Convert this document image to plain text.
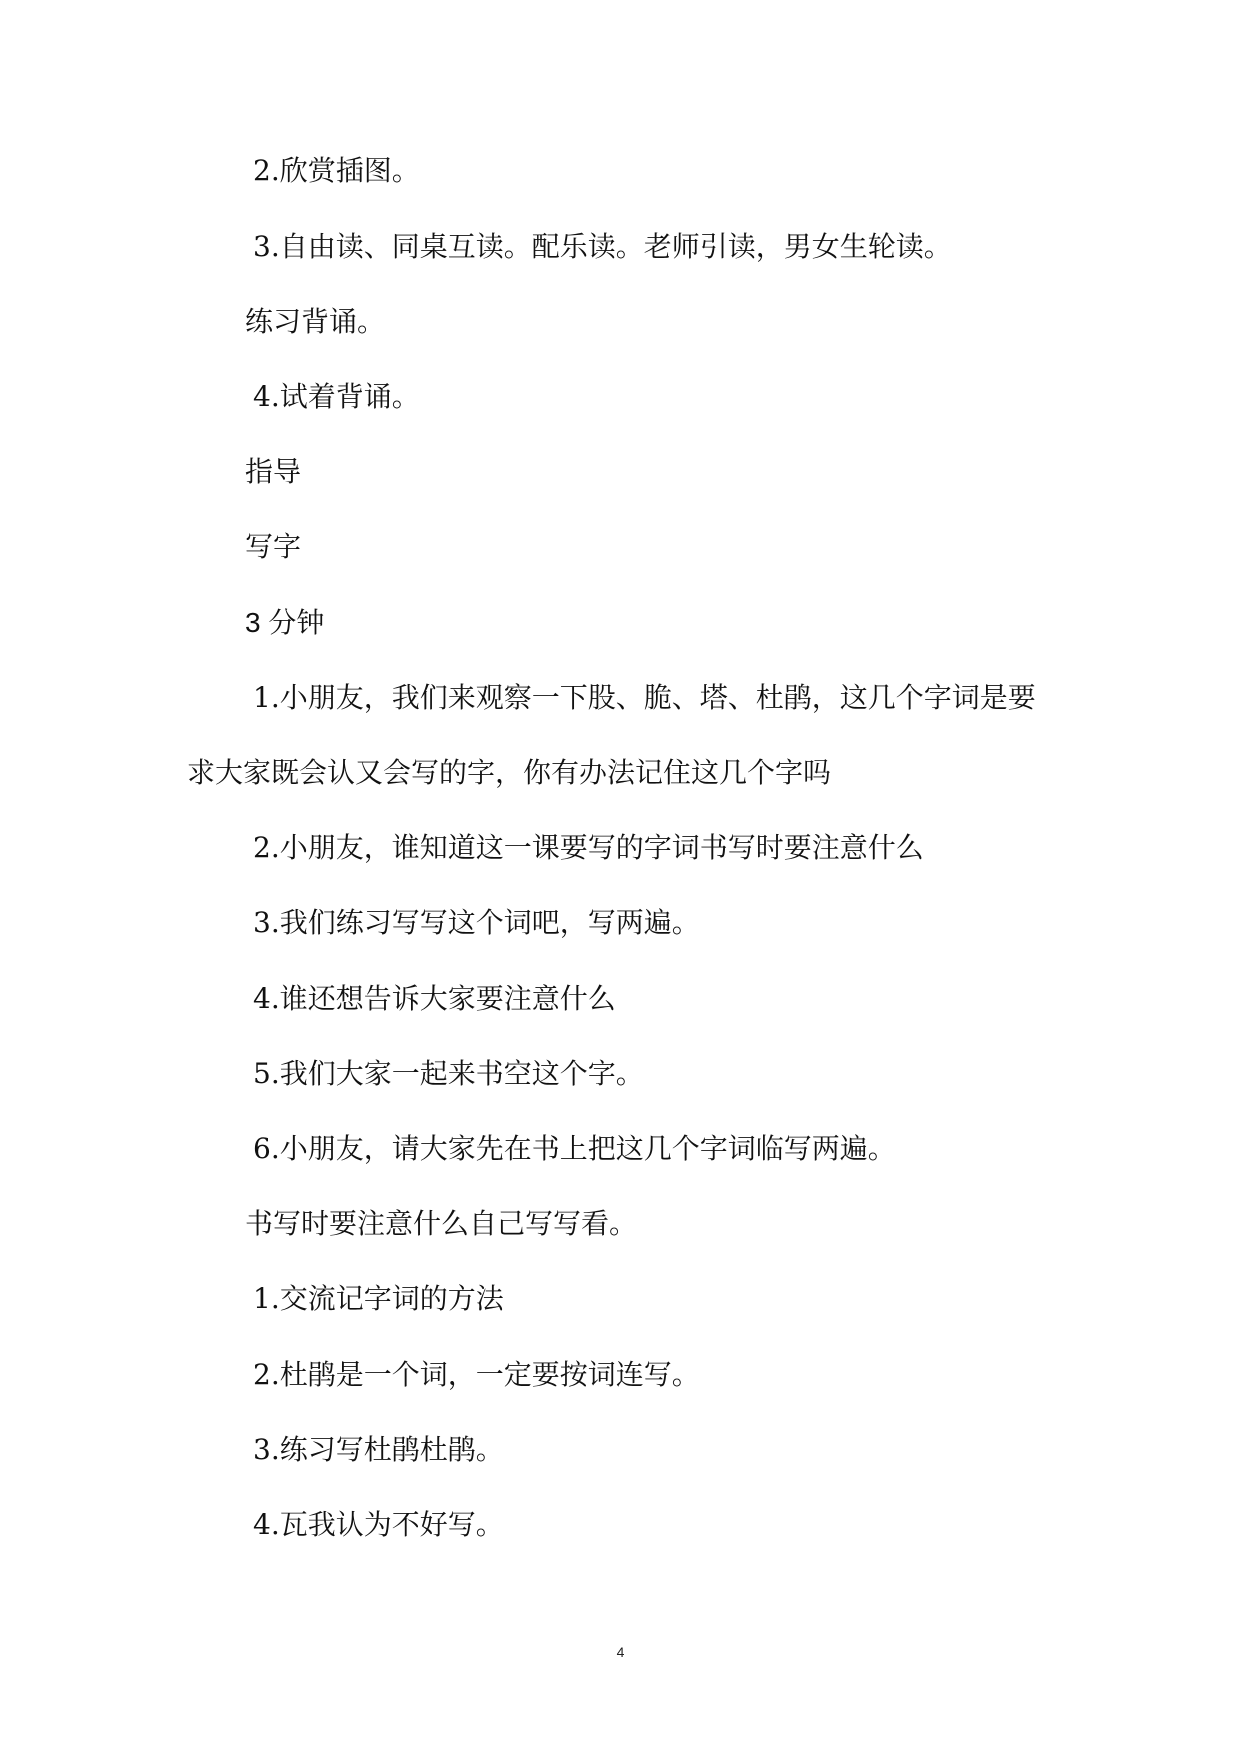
2.欣赏插图。
3.自由读、同桌互读。配乐读。老师引读，男女生轮读。
练习背诵。
4.试着背诵。
指导
写字
3 分钟
1.小朋友，我们来观察一下股、脆、塔、杜鹃，这几个字词是要
求大家既会认又会写的字，你有办法记住这几个字吗
2.小朋友，谁知道这一课要写的字词书写时要注意什么
3.我们练习写写这个词吧，写两遍。
4.谁还想告诉大家要注意什么
5.我们大家一起来书空这个字。
6.小朋友，请大家先在书上把这几个字词临写两遍。
书写时要注意什么自己写写看。
1.交流记字词的方法
2.杜鹃是一个词，一定要按词连写。
3.练习写杜鹃杜鹃。
4.瓦我认为不好写。
4
